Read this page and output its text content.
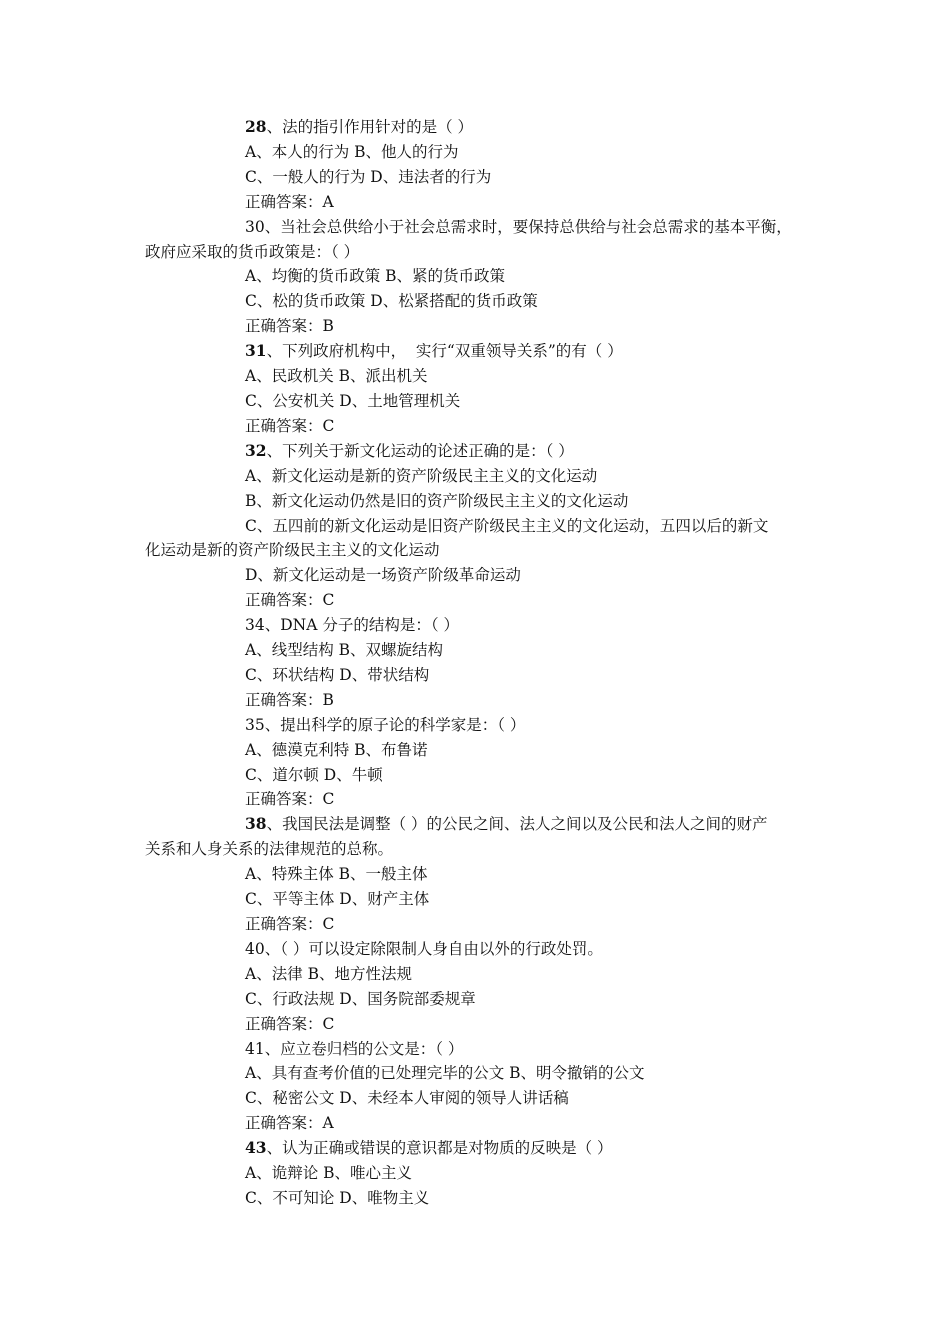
28、法的指引作用针对的是（ ）
A、本人的行为 B、他人的行为
C、一般人的行为 D、违法者的行为
正确答案：A
30、当社会总供给小于社会总需求时，要保持总供给与社会总需求的基本平衡，
政府应采取的货币政策是：（ ）
A、均衡的货币政策 B、紧的货币政策
C、松的货币政策 D、松紧搭配的货币政策
正确答案：B
31、下列政府机构中，  实行“双重领导关系”的有（ ）
A、民政机关 B、派出机关
C、公安机关 D、土地管理机关
正确答案：C
32、下列关于新文化运动的论述正确的是：（ ）
A、新文化运动是新的资产阶级民主主义的文化运动
B、新文化运动仍然是旧的资产阶级民主主义的文化运动
C、五四前的新文化运动是旧资产阶级民主主义的文化运动，五四以后的新文
化运动是新的资产阶级民主主义的文化运动
D、新文化运动是一场资产阶级革命运动
正确答案：C
34、DNA 分子的结构是：（ ）
A、线型结构 B、双螺旋结构
C、环状结构 D、带状结构
正确答案：B
35、提出科学的原子论的科学家是：（ ）
A、德漠克利特 B、布鲁诺
C、道尔顿 D、牛顿
正确答案：C
38、我国民法是调整（ ）的公民之间、法人之间以及公民和法人之间的财产
关系和人身关系的法律规范的总称。
A、特殊主体 B、一般主体
C、平等主体 D、财产主体
正确答案：C
40、（ ）可以设定除限制人身自由以外的行政处罚。
A、法律 B、地方性法规
C、行政法规 D、国务院部委规章
正确答案：C
41、应立卷归档的公文是：（ ）
A、具有查考价值的已处理完毕的公文 B、明令撤销的公文
C、秘密公文 D、未经本人审阅的领导人讲话稿
正确答案：A
43、认为正确或错误的意识都是对物质的反映是（ ）
A、诡辩论 B、唯心主义
C、不可知论 D、唯物主义
